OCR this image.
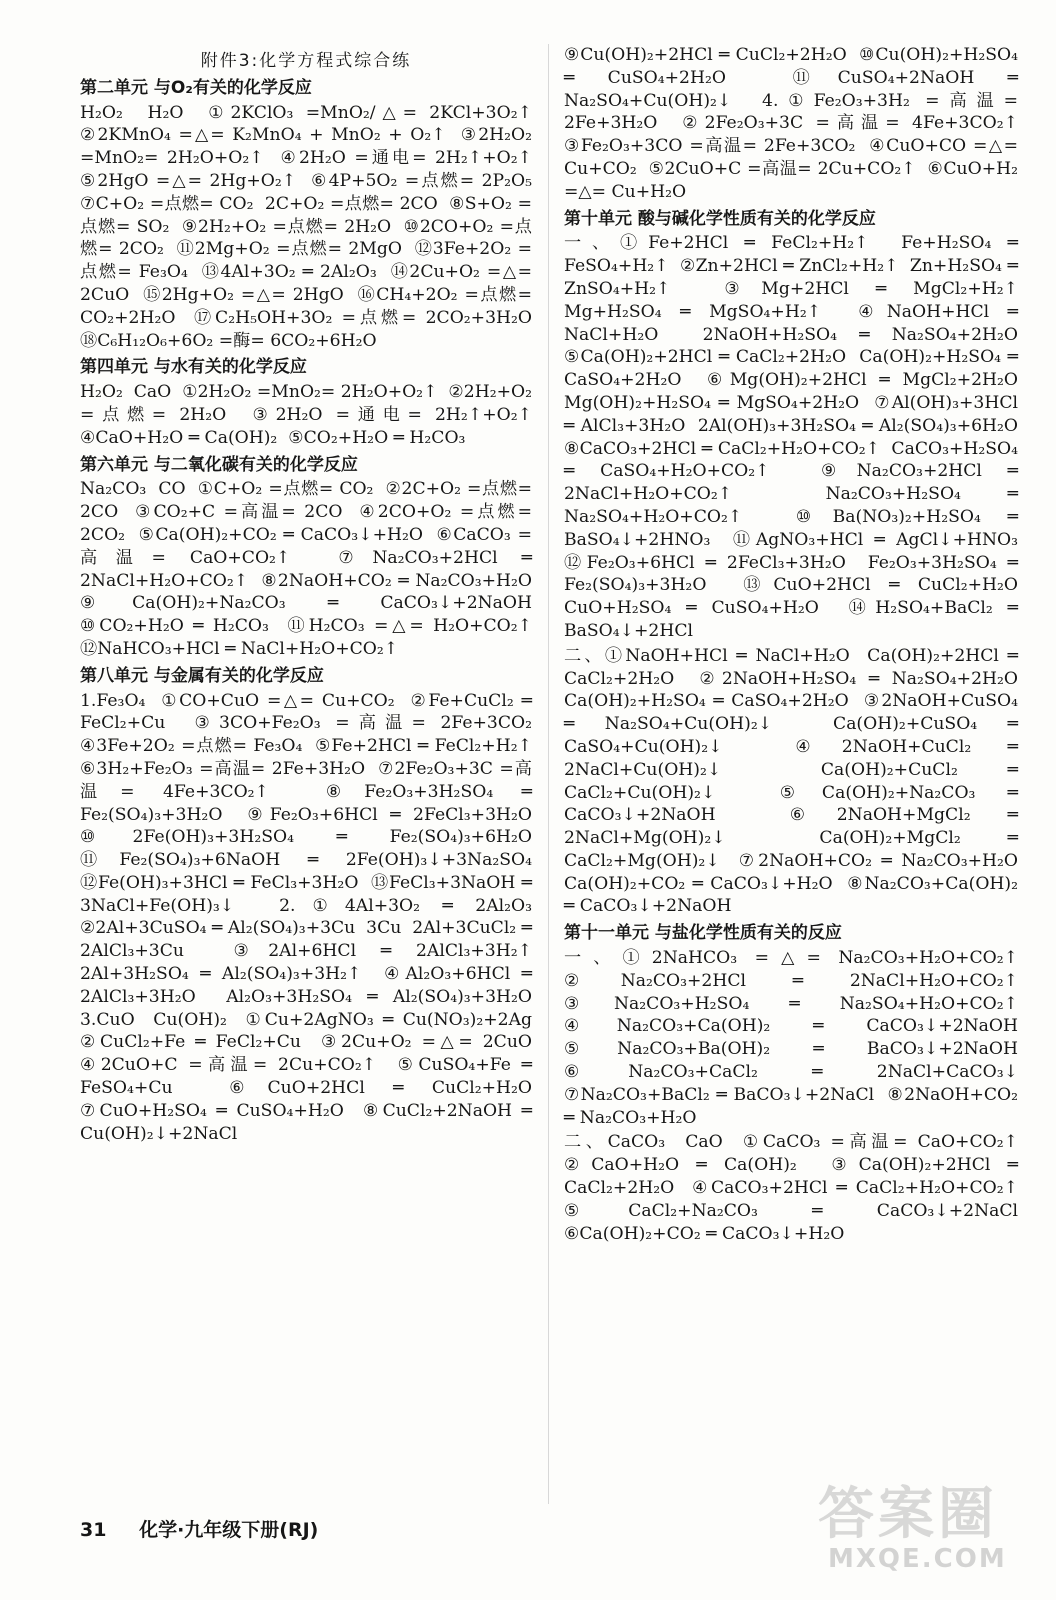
附件3:化学方程式综合练
第二单元 与O₂有关的化学反应
H₂O₂  H₂O  ①2KClO₃ =MnO₂/△= 2KCl+3O₂↑  ②2KMnO₄ =△= K₂MnO₄ + MnO₂ + O₂↑  ③2H₂O₂ =MnO₂= 2H₂O+O₂↑  ④2H₂O =通电= 2H₂↑+O₂↑  ⑤2HgO =△= 2Hg+O₂↑  ⑥4P+5O₂ =点燃= 2P₂O₅  ⑦C+O₂ =点燃= CO₂  2C+O₂ =点燃= 2CO  ⑧S+O₂ =点燃= SO₂  ⑨2H₂+O₂ =点燃= 2H₂O  ⑩2CO+O₂ =点燃= 2CO₂  ⑪2Mg+O₂ =点燃= 2MgO  ⑫3Fe+2O₂ =点燃= Fe₃O₄  ⑬4Al+3O₂ ═ 2Al₂O₃  ⑭2Cu+O₂ =△= 2CuO  ⑮2Hg+O₂ =△= 2HgO  ⑯CH₄+2O₂ =点燃= CO₂+2H₂O  ⑰C₂H₅OH+3O₂ =点燃= 2CO₂+3H₂O  ⑱C₆H₁₂O₆+6O₂ =酶= 6CO₂+6H₂O
第四单元 与水有关的化学反应
H₂O₂  CaO  ①2H₂O₂ =MnO₂= 2H₂O+O₂↑  ②2H₂+O₂ =点燃= 2H₂O  ③2H₂O =通电= 2H₂↑+O₂↑  ④CaO+H₂O ═ Ca(OH)₂  ⑤CO₂+H₂O ═ H₂CO₃
第六单元 与二氧化碳有关的化学反应
Na₂CO₃  CO  ①C+O₂ =点燃= CO₂  ②2C+O₂ =点燃= 2CO  ③CO₂+C =高温= 2CO  ④2CO+O₂ =点燃= 2CO₂  ⑤Ca(OH)₂+CO₂ ═ CaCO₃↓+H₂O  ⑥CaCO₃ =高温= CaO+CO₂↑  ⑦Na₂CO₃+2HCl ═ 2NaCl+H₂O+CO₂↑  ⑧2NaOH+CO₂ ═ Na₂CO₃+H₂O  ⑨Ca(OH)₂+Na₂CO₃ ═ CaCO₃↓+2NaOH  ⑩CO₂+H₂O ═ H₂CO₃  ⑪H₂CO₃ =△= H₂O+CO₂↑  ⑫NaHCO₃+HCl ═ NaCl+H₂O+CO₂↑
第八单元 与金属有关的化学反应
1.Fe₃O₄  ①CO+CuO =△= Cu+CO₂  ②Fe+CuCl₂ ═ FeCl₂+Cu  ③3CO+Fe₂O₃ =高温= 2Fe+3CO₂  ④3Fe+2O₂ =点燃= Fe₃O₄  ⑤Fe+2HCl ═ FeCl₂+H₂↑  ⑥3H₂+Fe₂O₃ =高温= 2Fe+3H₂O  ⑦2Fe₂O₃+3C =高温= 4Fe+3CO₂↑  ⑧Fe₂O₃+3H₂SO₄ ═ Fe₂(SO₄)₃+3H₂O  ⑨Fe₂O₃+6HCl ═ 2FeCl₃+3H₂O  ⑩2Fe(OH)₃+3H₂SO₄ ═ Fe₂(SO₄)₃+6H₂O  ⑪Fe₂(SO₄)₃+6NaOH ═ 2Fe(OH)₃↓+3Na₂SO₄  ⑫Fe(OH)₃+3HCl ═ FeCl₃+3H₂O  ⑬FeCl₃+3NaOH ═ 3NaCl+Fe(OH)₃↓  2.①4Al+3O₂ ═ 2Al₂O₃  ②2Al+3CuSO₄ ═ Al₂(SO₄)₃+3Cu  3Cu  2Al+3CuCl₂ ═ 2AlCl₃+3Cu  ③2Al+6HCl ═ 2AlCl₃+3H₂↑  2Al+3H₂SO₄ ═ Al₂(SO₄)₃+3H₂↑  ④Al₂O₃+6HCl ═ 2AlCl₃+3H₂O  Al₂O₃+3H₂SO₄ ═ Al₂(SO₄)₃+3H₂O  3.CuO  Cu(OH)₂  ①Cu+2AgNO₃ ═ Cu(NO₃)₂+2Ag  ②CuCl₂+Fe ═ FeCl₂+Cu  ③2Cu+O₂ =△= 2CuO  ④2CuO+C =高温= 2Cu+CO₂↑  ⑤CuSO₄+Fe ═ FeSO₄+Cu  ⑥CuO+2HCl ═ CuCl₂+H₂O  ⑦CuO+H₂SO₄ ═ CuSO₄+H₂O  ⑧CuCl₂+2NaOH ═ Cu(OH)₂↓+2NaCl
⑨Cu(OH)₂+2HCl ═ CuCl₂+2H₂O  ⑩Cu(OH)₂+H₂SO₄ ═ CuSO₄+2H₂O  ⑪CuSO₄+2NaOH ═ Na₂SO₄+Cu(OH)₂↓  4.①Fe₂O₃+3H₂ =高温= 2Fe+3H₂O  ②2Fe₂O₃+3C =高温= 4Fe+3CO₂↑  ③Fe₂O₃+3CO =高温= 2Fe+3CO₂  ④CuO+CO =△= Cu+CO₂  ⑤2CuO+C =高温= 2Cu+CO₂↑  ⑥CuO+H₂ =△= Cu+H₂O
第十单元 酸与碱化学性质有关的化学反应
一、①Fe+2HCl ═ FeCl₂+H₂↑  Fe+H₂SO₄ ═ FeSO₄+H₂↑  ②Zn+2HCl ═ ZnCl₂+H₂↑  Zn+H₂SO₄ ═ ZnSO₄+H₂↑  ③Mg+2HCl ═ MgCl₂+H₂↑  Mg+H₂SO₄ ═ MgSO₄+H₂↑  ④NaOH+HCl ═ NaCl+H₂O  2NaOH+H₂SO₄ ═ Na₂SO₄+2H₂O  ⑤Ca(OH)₂+2HCl ═ CaCl₂+2H₂O  Ca(OH)₂+H₂SO₄ ═ CaSO₄+2H₂O  ⑥Mg(OH)₂+2HCl ═ MgCl₂+2H₂O  Mg(OH)₂+H₂SO₄ ═ MgSO₄+2H₂O  ⑦Al(OH)₃+3HCl ═ AlCl₃+3H₂O  2Al(OH)₃+3H₂SO₄ ═ Al₂(SO₄)₃+6H₂O  ⑧CaCO₃+2HCl ═ CaCl₂+H₂O+CO₂↑  CaCO₃+H₂SO₄ ═ CaSO₄+H₂O+CO₂↑  ⑨Na₂CO₃+2HCl ═ 2NaCl+H₂O+CO₂↑  Na₂CO₃+H₂SO₄ ═ Na₂SO₄+H₂O+CO₂↑  ⑩Ba(NO₃)₂+H₂SO₄ ═ BaSO₄↓+2HNO₃  ⑪AgNO₃+HCl ═ AgCl↓+HNO₃  ⑫Fe₂O₃+6HCl ═ 2FeCl₃+3H₂O  Fe₂O₃+3H₂SO₄ ═ Fe₂(SO₄)₃+3H₂O  ⑬CuO+2HCl ═ CuCl₂+H₂O  CuO+H₂SO₄ ═ CuSO₄+H₂O  ⑭H₂SO₄+BaCl₂ ═ BaSO₄↓+2HCl
二、①NaOH+HCl ═ NaCl+H₂O  Ca(OH)₂+2HCl ═ CaCl₂+2H₂O  ②2NaOH+H₂SO₄ ═ Na₂SO₄+2H₂O  Ca(OH)₂+H₂SO₄ ═ CaSO₄+2H₂O  ③2NaOH+CuSO₄ ═ Na₂SO₄+Cu(OH)₂↓  Ca(OH)₂+CuSO₄ ═ CaSO₄+Cu(OH)₂↓  ④2NaOH+CuCl₂ ═ 2NaCl+Cu(OH)₂↓  Ca(OH)₂+CuCl₂ ═ CaCl₂+Cu(OH)₂↓  ⑤Ca(OH)₂+Na₂CO₃ ═ CaCO₃↓+2NaOH  ⑥2NaOH+MgCl₂ ═ 2NaCl+Mg(OH)₂↓  Ca(OH)₂+MgCl₂ ═ CaCl₂+Mg(OH)₂↓  ⑦2NaOH+CO₂ ═ Na₂CO₃+H₂O  Ca(OH)₂+CO₂ ═ CaCO₃↓+H₂O  ⑧Na₂CO₃+Ca(OH)₂ ═ CaCO₃↓+2NaOH
第十一单元 与盐化学性质有关的反应
一、①2NaHCO₃ =△= Na₂CO₃+H₂O+CO₂↑  ②Na₂CO₃+2HCl ═ 2NaCl+H₂O+CO₂↑  ③Na₂CO₃+H₂SO₄ ═ Na₂SO₄+H₂O+CO₂↑  ④Na₂CO₃+Ca(OH)₂ ═ CaCO₃↓+2NaOH  ⑤Na₂CO₃+Ba(OH)₂ ═ BaCO₃↓+2NaOH  ⑥Na₂CO₃+CaCl₂ ═ 2NaCl+CaCO₃↓  ⑦Na₂CO₃+BaCl₂ ═ BaCO₃↓+2NaCl  ⑧2NaOH+CO₂ ═ Na₂CO₃+H₂O
二、CaCO₃  CaO  ①CaCO₃ =高温= CaO+CO₂↑  ②CaO+H₂O ═ Ca(OH)₂  ③Ca(OH)₂+2HCl ═ CaCl₂+2H₂O  ④CaCO₃+2HCl ═ CaCl₂+H₂O+CO₂↑  ⑤CaCl₂+Na₂CO₃ ═ CaCO₃↓+2NaCl  ⑥Ca(OH)₂+CO₂ ═ CaCO₃↓+H₂O
31 化学·九年级下册(RJ)	答案圈
MXQE.COM
